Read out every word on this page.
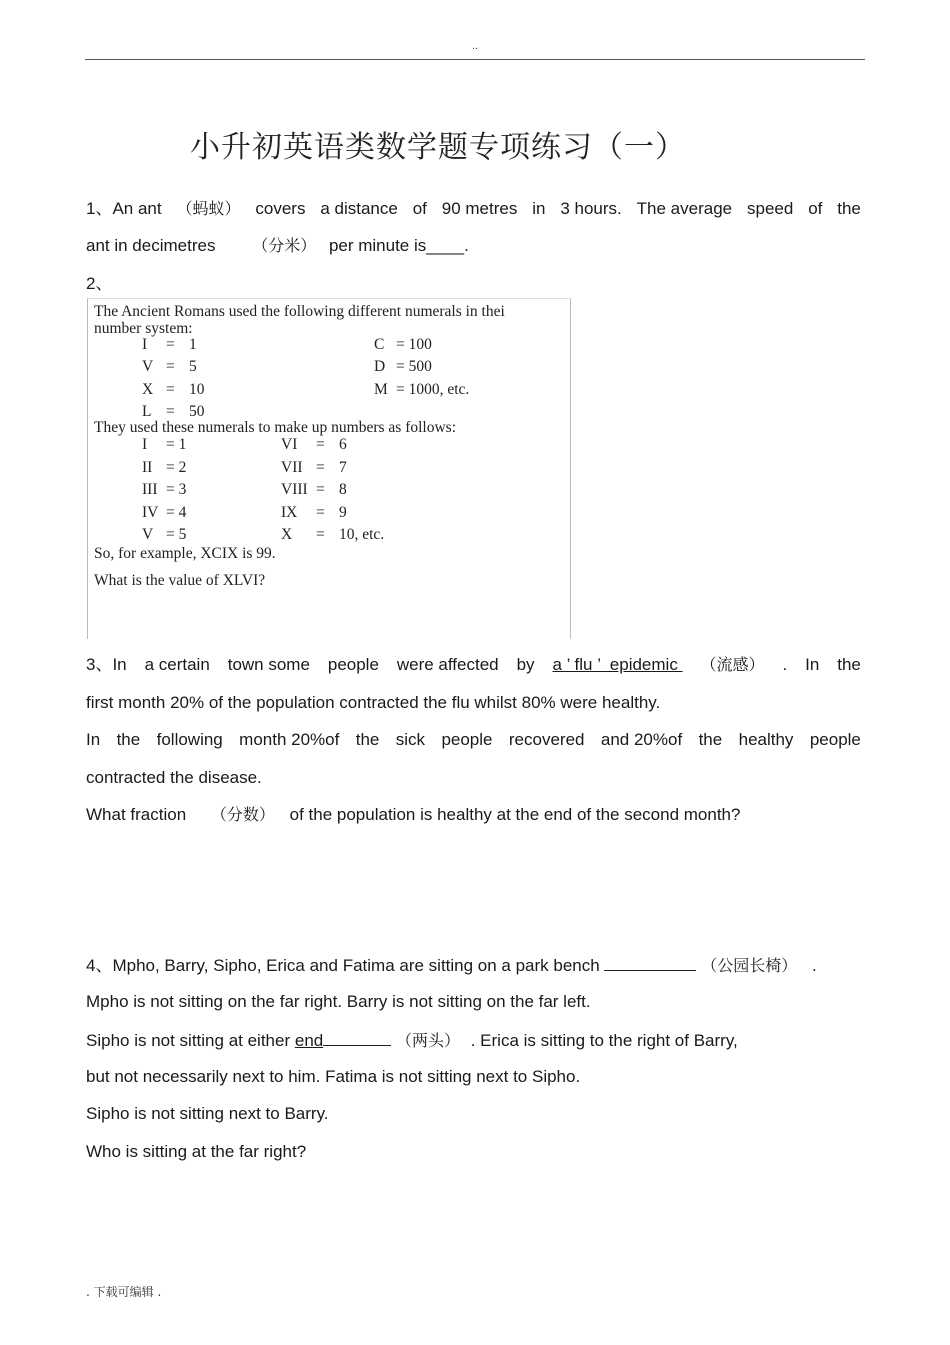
..
小升初英语类数学题专项练习（一）
1、An ant （蚂蚁） covers a distance of 90 metres in 3 hours. The average speed of the
ant in decimetres （分米） per minute is____.
2、
The Ancient Romans used the following different numerals in thei
number system:
I = 1
V = 5
X = 10
L = 50
C = 100
D = 500
M = 1000, etc.
They used these numerals to make up numbers as follows:
I = 1
II = 2
III = 3
IV = 4
V = 5
VI = 6
VII = 7
VIII = 8
IX = 9
X = 10, etc.
So, for example, XCIX is 99.
What is the value of XLVI?
3、In a certain town some people were affected by a ’ flu ’  epidemic （流感） . In the
first month 20% of the population contracted the flu whilst 80% were healthy.
In the following month 20%of the sick people recovered and 20%of the healthy people
contracted the disease.
What fraction （分数） of the population is healthy at the end of the second month?
4、Mpho, Barry, Sipho, Erica and Fatima are sitting on a park bench	（公园长椅） .
Mpho is not sitting on the far right. Barry is not sitting on the far left.
Sipho is not sitting at either end	（两头） . Erica is sitting to the right of Barry,
but not necessarily next to him. Fatima is not sitting next to Sipho.
Sipho is not sitting next to Barry.
Who is sitting at the far right?
. 下载可编辑 .
